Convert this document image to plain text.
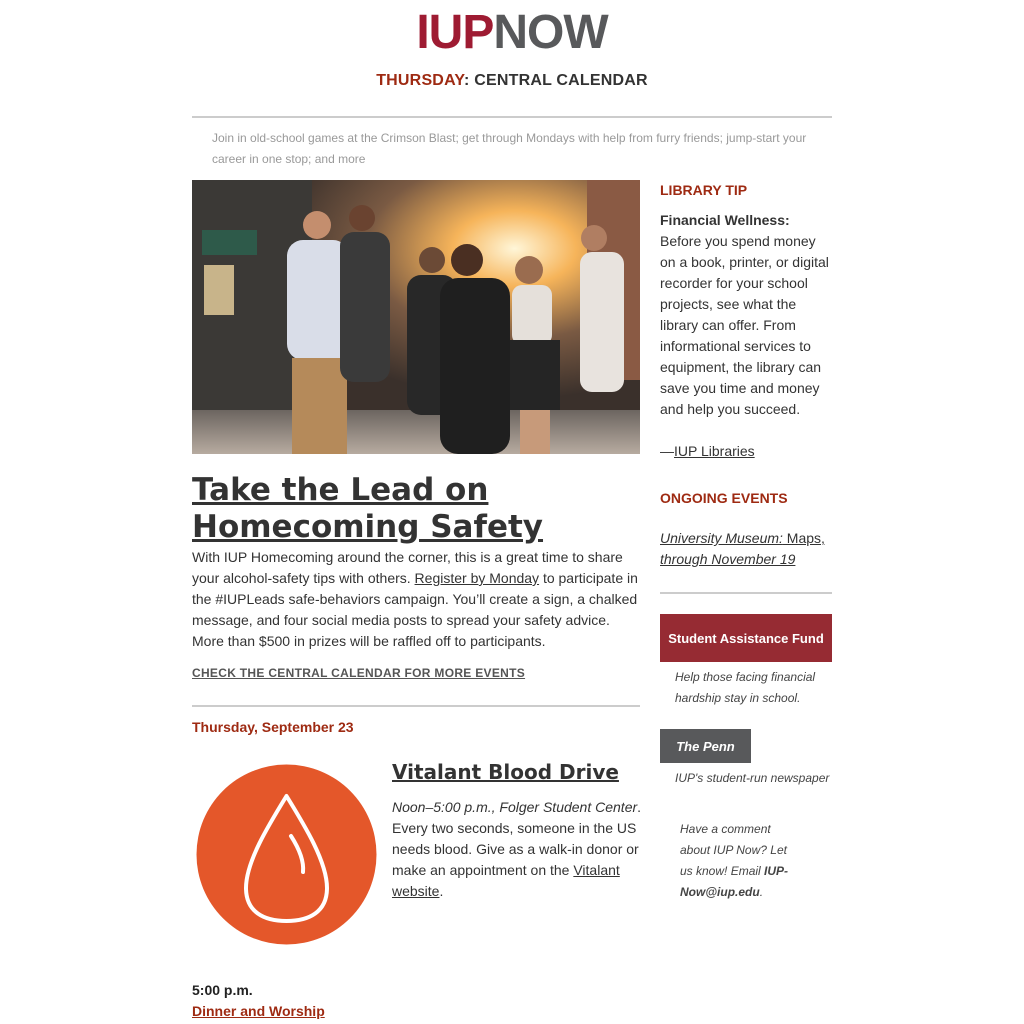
IUPNOW
THURSDAY: CENTRAL CALENDAR
Join in old-school games at the Crimson Blast; get through Mondays with help from furry friends; jump-start your career in one stop; and more
Take the Lead on Homecoming Safety

With IUP Homecoming around the corner, this is a great time to share your alcohol-safety tips with others. Register by Monday to participate in the #IUPLeads safe-behaviors campaign. You’ll create a sign, a chalked message, and four social media posts to spread your safety advice. More than $500 in prizes will be raffled off to participants.

CHECK THE CENTRAL CALENDAR FOR MORE EVENTS
Thursday, September 23
Vitalant Blood Drive

Noon–5:00 p.m., Folger Student Center. Every two seconds, someone in the US needs blood. Give as a walk-in donor or make an appointment on the Vitalant website.

5:00 p.m.
Dinner and Worship
LIBRARY TIP

Financial Wellness: Before you spend money on a book, printer, or digital recorder for your school projects, see what the library can offer. From informational services to equipment, the library can save you time and money and help you succeed.

—IUP Libraries

ONGOING EVENTS

University Museum: Maps,
through November 19

Student Assistance Fund
Help those facing financial hardship stay in school.
The Penn
IUP's student-run newspaper
Have a comment about IUP Now? Let us know! Email IUP-Now@iup.edu.
